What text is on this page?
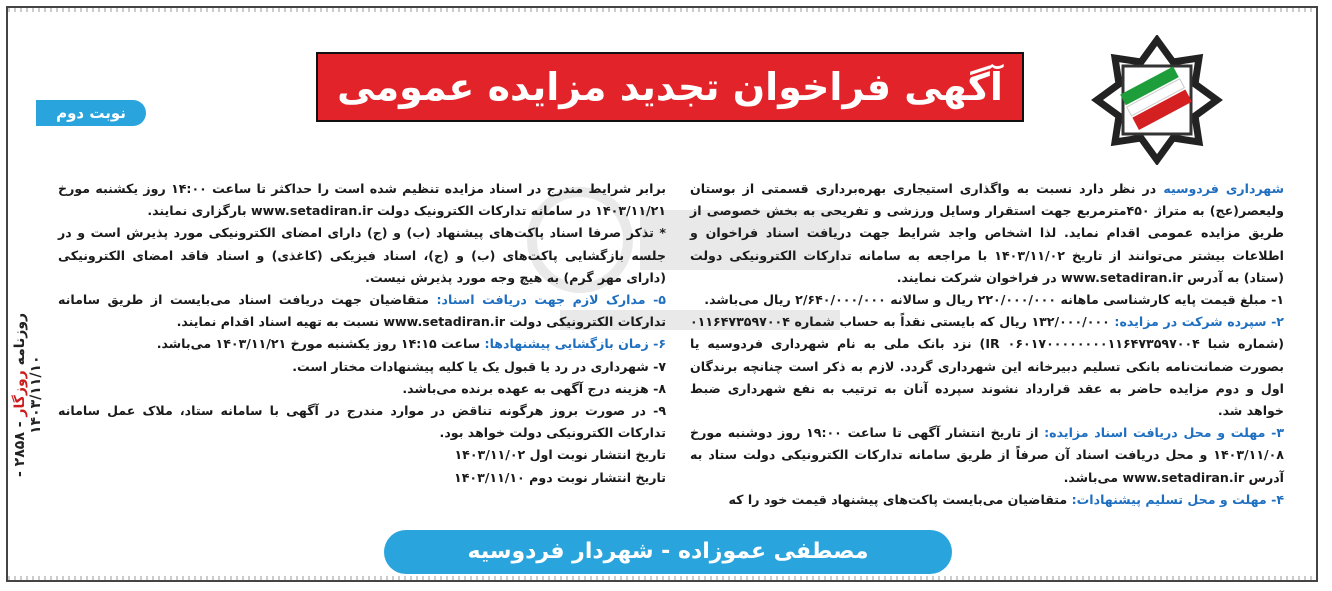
روزنامه روزگار - ۲۸۵۸ - ۱۴۰۳/۱۱/۱۰
آگهی فراخوان تجدید مزایده عمومی
نوبت دوم

شهرداری فردوسیه در نظر دارد نسبت به واگذاری استیجاری بهره‌برداری قسمتی از بوستان ولیعصر(عج) به متراژ ۴۵۰مترمربع جهت استقرار وسایل ورزشی و تفریحی به بخش خصوصی از طریق مزایده عمومی اقدام نماید. لذا اشخاص واجد شرایط جهت دریافت اسناد فراخوان و اطلاعات بیشتر می‌توانند از تاریخ ۱۴۰۳/۱۱/۰۲ با مراجعه به سامانه تدارکات الکترونیکی دولت (ستاد) به آدرس www.setadiran.ir در فراخوان شرکت نمایند.

۱- مبلغ قیمت پایه کارشناسی ماهانه ۲۲۰/۰۰۰/۰۰۰ ریال و سالانه ۲/۶۴۰/۰۰۰/۰۰۰ ریال می‌باشد.

۲- سپرده شرکت در مزایده: ۱۳۲/۰۰۰/۰۰۰ ریال که بایستی نقداً به حساب شماره ۰۱۱۶۴۷۳۵۹۷۰۰۴ (شماره شبا IR ۰۶۰۱۷۰۰۰۰۰۰۰۰۱۱۶۴۷۳۵۹۷۰۰۴) نزد بانک ملی به نام شهرداری فردوسیه یا بصورت ضمانت‌نامه بانکی تسلیم دبیرخانه این شهرداری گردد. لازم به ذکر است چنانچه برندگان اول و دوم مزایده حاضر به عقد قرارداد نشوند سپرده آنان به ترتیب به نفع شهرداری ضبط خواهد شد.

۳- مهلت و محل دریافت اسناد مزایده: از تاریخ انتشار آگهی تا ساعت ۱۹:۰۰ روز دوشنبه مورخ ۱۴۰۳/۱۱/۰۸ و محل دریافت اسناد آن صرفاً از طریق سامانه تدارکات الکترونیکی دولت ستاد به آدرس www.setadiran.ir می‌باشد.

۴- مهلت و محل تسلیم پیشنهادات: متقاضیان می‌بایست پاکت‌های پیشنهاد قیمت خود را که

برابر شرایط مندرج در اسناد مزایده تنظیم شده است را حداکثر تا ساعت ۱۴:۰۰ روز یکشنبه مورخ ۱۴۰۳/۱۱/۲۱ در سامانه تدارکات الکترونیک دولت www.setadiran.ir بارگزاری نمایند.

* تذکر صرفا اسناد پاکت‌های پیشنهاد (ب) و (ج) دارای امضای الکترونیکی مورد پذیرش است و در جلسه بازگشایی پاکت‌های (ب) و (ج)، اسناد فیزیکی (کاغذی) و اسناد فاقد امضای الکترونیکی (دارای مهر گرم) به هیچ وجه مورد پذیرش نیست.

۵- مدارک لازم جهت دریافت اسناد: متقاضیان جهت دریافت اسناد می‌بایست از طریق سامانه تدارکات الکترونیکی دولت www.setadiran.ir نسبت به تهیه اسناد اقدام نمایند.

۶- زمان بازگشایی پیشنهادها: ساعت ۱۴:۱۵ روز یکشنبه مورخ ۱۴۰۳/۱۱/۲۱ می‌باشد.

۷- شهرداری در رد یا قبول یک یا کلیه پیشنهادات مختار است.

۸- هزینه درج آگهی به عهده برنده می‌باشد.

۹- در صورت بروز هرگونه تناقض در موارد مندرج در آگهی با سامانه ستاد، ملاک عمل سامانه تدارکات الکترونیکی دولت خواهد بود.

تاریخ انتشار نوبت اول ۱۴۰۳/۱۱/۰۲

تاریخ انتشار نوبت دوم ۱۴۰۳/۱۱/۱۰

مصطفی عموزاده - شهردار فردوسیه
